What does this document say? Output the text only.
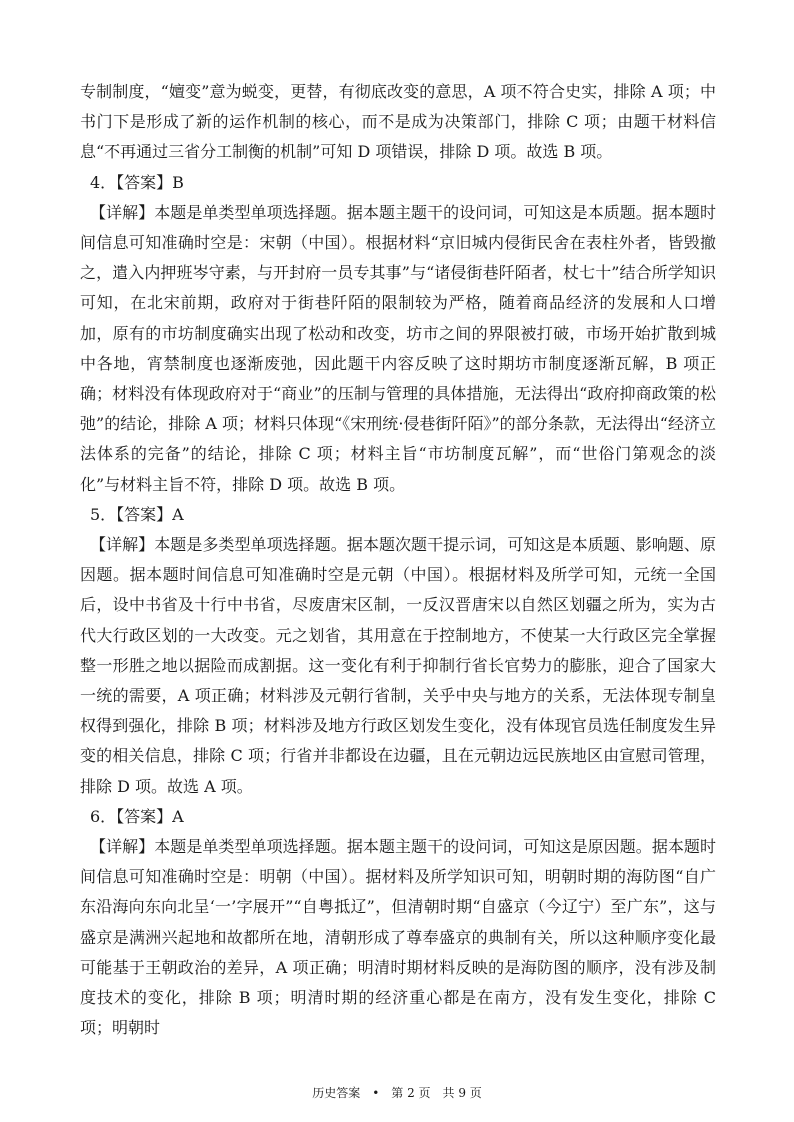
专制制度，“嬗变”意为蜕变，更替，有彻底改变的意思，A 项不符合史实，排除 A 项；中书门下是形成了新的运作机制的核心，而不是成为决策部门，排除 C 项；由题干材料信息“不再通过三省分工制衡的机制”可知 D 项错误，排除 D 项。故选 B 项。

4．【答案】B

【详解】本题是单类型单项选择题。据本题主题干的设问词，可知这是本质题。据本题时间信息可知准确时空是：宋朝（中国）。根据材料“京旧城内侵街民舍在表柱外者，皆毁撤之，遣入内押班岑守素，与开封府一员专其事”与“诸侵街巷阡陌者，杖七十”结合所学知识可知，在北宋前期，政府对于街巷阡陌的限制较为严格，随着商品经济的发展和人口增加，原有的市坊制度确实出现了松动和改变，坊市之间的界限被打破，市场开始扩散到城中各地，宵禁制度也逐渐废弛，因此题干内容反映了这时期坊市制度逐渐瓦解，B 项正确；材料没有体现政府对于“商业”的压制与管理的具体措施，无法得出“政府抑商政策的松弛”的结论，排除 A 项；材料只体现“《宋刑统·侵巷街阡陌》”的部分条款，无法得出“经济立法体系的完备”的结论，排除 C 项；材料主旨“市坊制度瓦解”，而“世俗门第观念的淡化”与材料主旨不符，排除 D 项。故选 B 项。

5．【答案】A

【详解】本题是多类型单项选择题。据本题次题干提示词，可知这是本质题、影响题、原因题。据本题时间信息可知准确时空是元朝（中国）。根据材料及所学可知，元统一全国后，设中书省及十行中书省，尽废唐宋区制，一反汉晋唐宋以自然区划疆之所为，实为古代大行政区划的一大改变。元之划省，其用意在于控制地方，不使某一大行政区完全掌握整一形胜之地以据险而成割据。这一变化有利于抑制行省长官势力的膨胀，迎合了国家大一统的需要，A 项正确；材料涉及元朝行省制，关乎中央与地方的关系，无法体现专制皇权得到强化，排除 B 项；材料涉及地方行政区划发生变化，没有体现官员选任制度发生异变的相关信息，排除 C 项；行省并非都设在边疆，且在元朝边远民族地区由宣慰司管理，排除 D 项。故选 A 项。

6．【答案】A

【详解】本题是单类型单项选择题。据本题主题干的设问词，可知这是原因题。据本题时间信息可知准确时空是：明朝（中国）。据材料及所学知识可知，明朝时期的海防图“自广东沿海向东向北呈‘一’字展开”“自粤抵辽”，但清朝时期“自盛京（今辽宁）至广东”，这与盛京是满洲兴起地和故都所在地，清朝形成了尊奉盛京的典制有关，所以这种顺序变化最可能基于王朝政治的差异，A 项正确；明清时期材料反映的是海防图的顺序，没有涉及制度技术的变化，排除 B 项；明清时期的经济重心都是在南方，没有发生变化，排除 C 项；明朝时

历史答案 • 第 2 页 共 9 页
